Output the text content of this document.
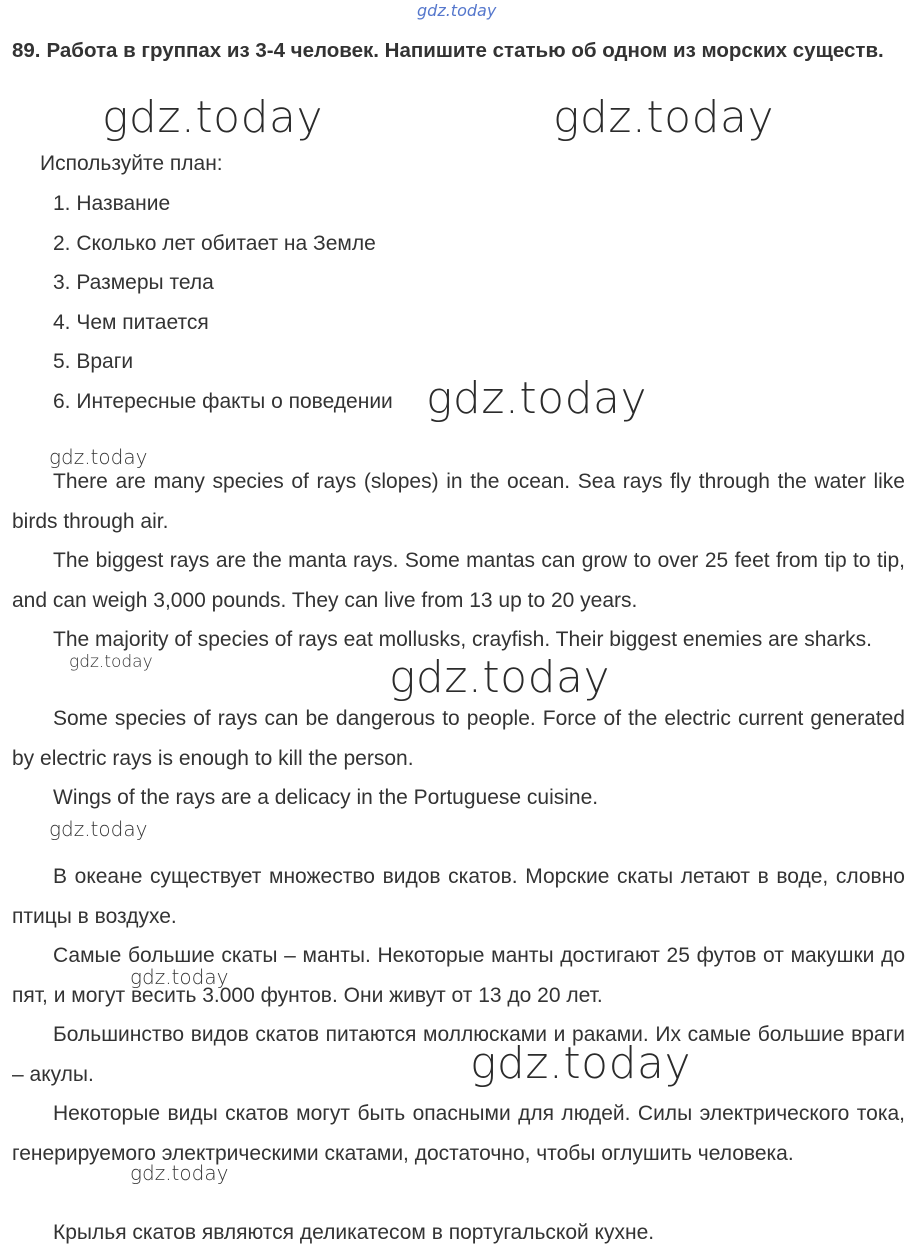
gdz.today
gdz.today	gdz.today
gdz.today
gdz.today
gdz.today	gdz.today
gdz.today
gdz.today
gdz.today
gdz.today
89. Работа в группах из 3-4 человек. Напишите статью об одном из морских существ.
Используйте план:
1. Название
2. Сколько лет обитает на Земле
3. Размеры тела
4. Чем питается
5. Враги
6. Интересные факты о поведении

There are many species of rays (slopes) in the ocean. Sea rays fly through the water like birds through air.

The biggest rays are the manta rays. Some mantas can grow to over 25 feet from tip to tip, and can weigh 3,000 pounds. They can live from 13 up to 20 years.

The majority of species of rays eat mollusks, crayfish. Their biggest enemies are sharks.

Some species of rays can be dangerous to people. Force of the electric current generated by electric rays is enough to kill the person.

Wings of the rays are a delicacy in the Portuguese cuisine.

В океане существует множество видов скатов. Морские скаты летают в воде, словно птицы в воздухе.

Самые большие скаты – манты. Некоторые манты достигают 25 футов от макушки до пят, и могут весить 3.000 фунтов. Они живут от 13 до 20 лет.

Большинство видов скатов питаются моллюсками и раками. Их самые большие враги – акулы.

Некоторые виды скатов могут быть опасными для людей. Силы электрического тока, генерируемого электрическими скатами, достаточно, чтобы оглушить человека.

Крылья скатов являются деликатесом в португальской кухне.
